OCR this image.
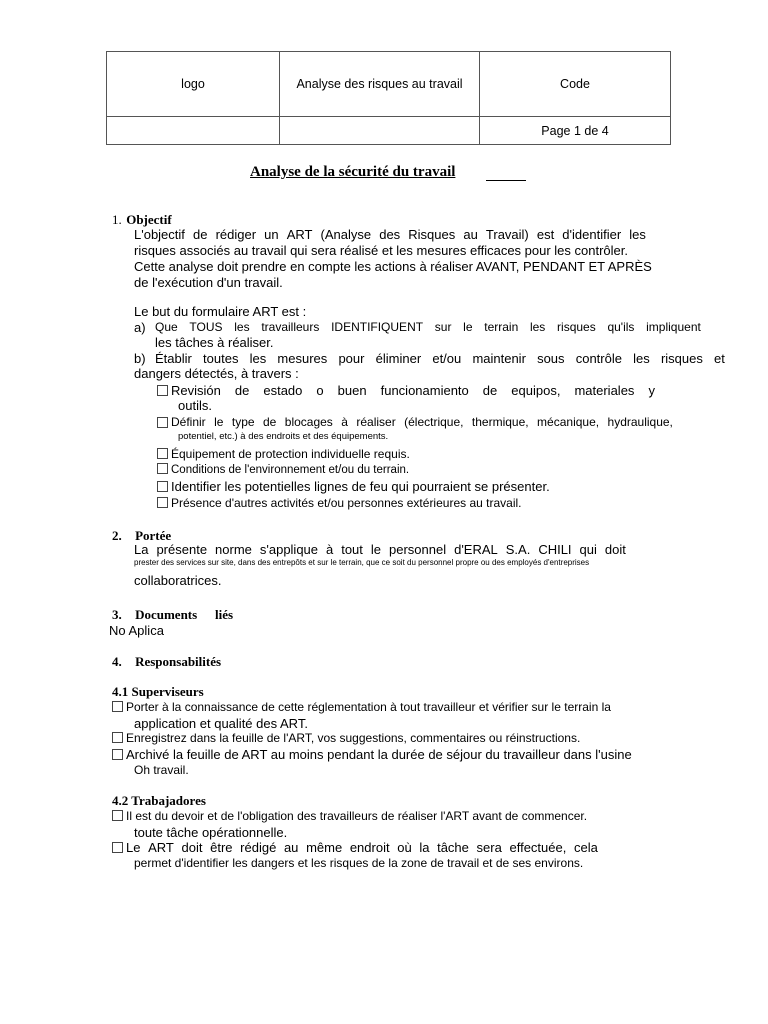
logo	Analyse des risques au travail	Code
		Page 1 de 4
Analyse de la sécurité du travail
1. Objectif
L'objectif de rédiger un ART (Analyse des Risques au Travail) est d'identifier les
risques associés au travail qui sera réalisé et les mesures efficaces pour les contrôler.
Cette analyse doit prendre en compte les actions à réaliser AVANT, PENDANT ET APRÈS
de l'exécution d'un travail.
Le but du formulaire ART est :
a) Que TOUS les travailleurs IDENTIFIQUENT sur le terrain les risques qu'ils impliquent
les tâches à réaliser.
b) Établir toutes les mesures pour éliminer et/ou maintenir sous contrôle les risques et
dangers détectés, à travers :
Revisión de estado o buen funcionamiento de equipos, materiales y
outils.
Définir le type de blocages à réaliser (électrique, thermique, mécanique, hydraulique,
potentiel, etc.) à des endroits et des équipements.
Équipement de protection individuelle requis.
Conditions de l'environnement et/ou du terrain.
Identifier les potentielles lignes de feu qui pourraient se présenter.
Présence d'autres activités et/ou personnes extérieures au travail.
2. Portée
La présente norme s'applique à tout le personnel d'ERAL S.A. CHILI qui doit
prester des services sur site, dans des entrepôts et sur le terrain, que ce soit du personnel propre ou des employés d'entreprises
collaboratrices.
3. Documents liés
No Aplica
4. Responsabilités
4.1 Superviseurs
Porter à la connaissance de cette réglementation à tout travailleur et vérifier sur le terrain la
application et qualité des ART.
Enregistrez dans la feuille de l'ART, vos suggestions, commentaires ou réinstructions.
Archivé la feuille de ART au moins pendant la durée de séjour du travailleur dans l'usine
Oh travail.
4.2 Trabajadores
Il est du devoir et de l'obligation des travailleurs de réaliser l'ART avant de commencer.
toute tâche opérationnelle.
Le ART doit être rédigé au même endroit où la tâche sera effectuée, cela
permet d'identifier les dangers et les risques de la zone de travail et de ses environs.
